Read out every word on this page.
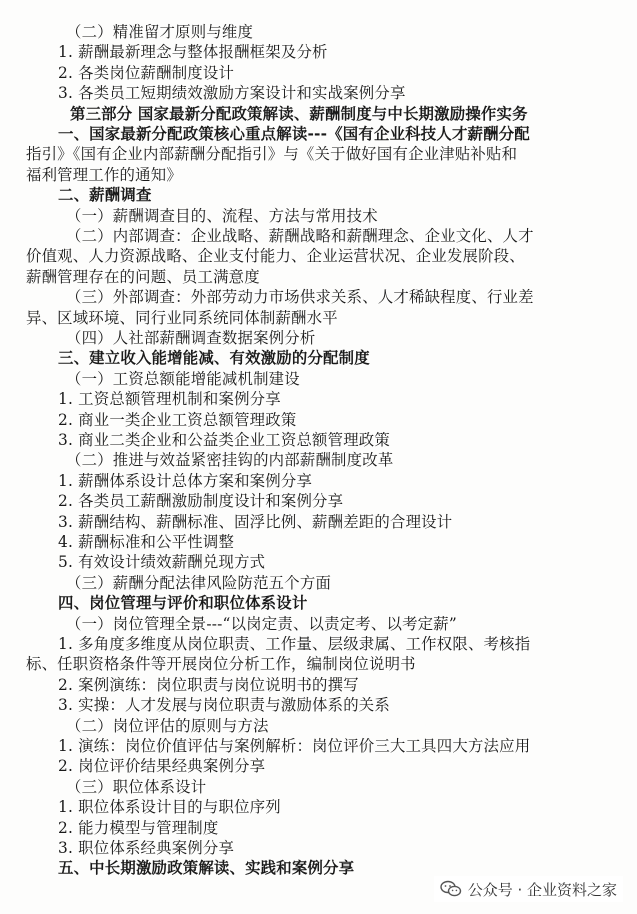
（二）精准留才原则与维度
1. 薪酬最新理念与整体报酬框架及分析
2. 各类岗位薪酬制度设计
3. 各类员工短期绩效激励方案设计和实战案例分享
第三部分 国家最新分配政策解读、薪酬制度与中长期激励操作实务
一、国家最新分配政策核心重点解读---《国有企业科技人才薪酬分配
指引》《国有企业内部薪酬分配指引》与《关于做好国有企业津贴补贴和
福利管理工作的通知》
二、薪酬调查
（一）薪酬调查目的、流程、方法与常用技术
（二）内部调查：企业战略、薪酬战略和薪酬理念、企业文化、人才
价值观、人力资源战略、企业支付能力、企业运营状况、企业发展阶段、
薪酬管理存在的问题、员工满意度
（三）外部调查：外部劳动力市场供求关系、人才稀缺程度、行业差
异、区域环境、同行业同系统同体制薪酬水平
（四）人社部薪酬调查数据案例分析
三、建立收入能增能减、有效激励的分配制度
（一）工资总额能增能减机制建设
1. 工资总额管理机制和案例分享
2. 商业一类企业工资总额管理政策
3. 商业二类企业和公益类企业工资总额管理政策
（二）推进与效益紧密挂钩的内部薪酬制度改革
1. 薪酬体系设计总体方案和案例分享
2. 各类员工薪酬激励制度设计和案例分享
3. 薪酬结构、薪酬标准、固浮比例、薪酬差距的合理设计
4. 薪酬标准和公平性调整
5. 有效设计绩效薪酬兑现方式
（三）薪酬分配法律风险防范五个方面
四、岗位管理与评价和职位体系设计
（一）岗位管理全景---“以岗定责、以责定考、以考定薪”
1. 多角度多维度从岗位职责、工作量、层级隶属、工作权限、考核指
标、任职资格条件等开展岗位分析工作，编制岗位说明书
2. 案例演练：岗位职责与岗位说明书的撰写
3. 实操：人才发展与岗位职责与激励体系的关系
（二）岗位评估的原则与方法
1. 演练：岗位价值评估与案例解析：岗位评价三大工具四大方法应用
2. 岗位评价结果经典案例分享
（三）职位体系设计
1. 职位体系设计目的与职位序列
2. 能力模型与管理制度
3. 职位体系经典案例分享
五、中长期激励政策解读、实践和案例分享
公众号 · 企业资料之家
